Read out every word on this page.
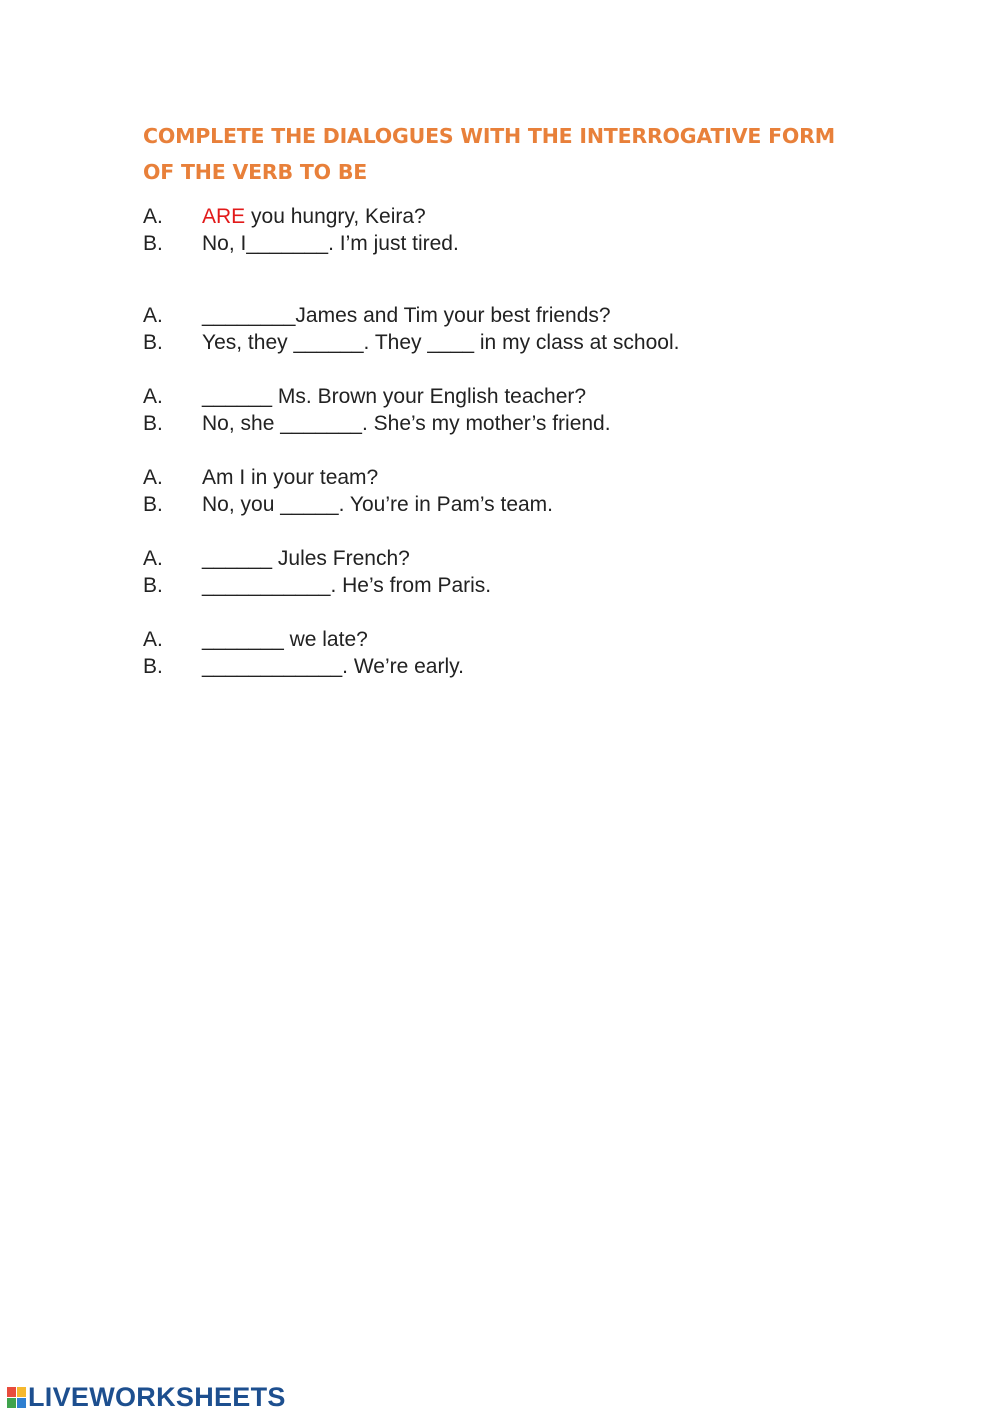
COMPLETE THE DIALOGUES WITH THE INTERROGATIVE FORM
OF THE VERB TO BE
A. ARE you hungry, Keira?
B. No, I_______. I’m just tired.
A. ________James and Tim your best friends?
B. Yes, they ______. They ____ in my class at school.
A. ______ Ms. Brown your English teacher?
B. No, she _______. She’s my mother’s friend.
A. Am I in your team?
B. No, you _____. You’re in Pam’s team.
A. ______ Jules French?
B. ___________. He’s from Paris.
A. _______ we late?
B. ____________. We’re early.
LIVEWORKSHEETS
